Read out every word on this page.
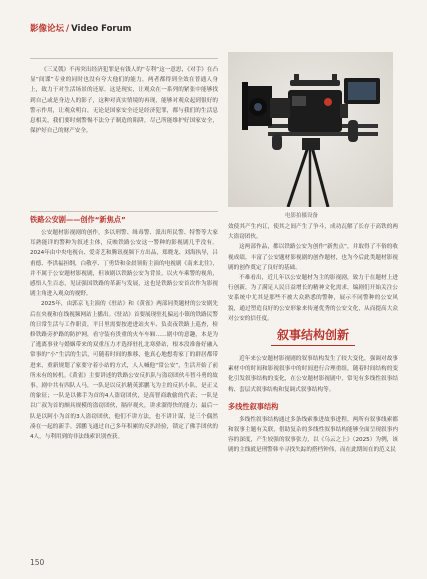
影像论坛 / Video Forum

《三叉戟》不再突出经济犯罪是有钱人的“专利”这一意思，《对手》在凸显“间谍”专业的同时也没有夸大他们的能力，两者都得到全效在普通人身上，致力于对生活场景的还原。这是现实，让观众在一系列的紧张中能够找到自己或是身边人的影子，这种对真实情境的再现，能够对观众起到很好的警示作用，让观众明白，无论是国家安全还是经济犯罪，都与我们的生活息息相关，我们要时刻警惕不法分子制造的陷阱，尽己所能维护好国家安全，保护好自己的财产安全。

电影拍摄设备
铁路公安剧——创作“新焦点”

公安题材影视剧的创作，多以刑警、缉毒警、派出所民警、特警等大家耳熟能详的警种为叙述主体，反映铁路公安这一警种的影视剧几乎没有。2024年由中央电视台、爱奇艺和腾讯视频下方出品，郑晓龙、刘海执导，吕甫德、李洪福担纲，白敬亭、丁勇岱和金晨领衔主演的电视剧《南来北往》，并不属于公安题材影视剧，但该剧以铁路公安为背景，以火车乘警的视角，感悟人生百态，见证强国铁路的革新与发展，这也是铁路公安首次作为影视剧主角进入观众的视野。

2025年，由郭京飞主演的《驻站》和《黄雀》两部同类题材的公安剧先后在央视和在线视频网站上播出。《驻站》首要展现驻扎偏远小镇的铁路民警的日常生活与工作职责，平日里需要按进进站火车、负责夜铁路上巡查，检修铁路旁护路的防护网，看守装有贵重的火车车厢……剧中的意趣，本是为了逃离事业与婚姻带来的双重压力才选择驻扎北寒驿站，根本没准备好融入常事的“小”生活的生活，可随着时间的推移，他真心地想将家丁的群居都带进来，重新规划了家要守着小站的方式，人人喊他“常公安”，生活开始了前所未有的转机。《黄雀》主要讲述的铁路公安反扒队与盗窃团伙斗智斗勇的故事。剧中共有四队人马，一队是以反扒精英郭鹏飞为主的反扒小队，是正义的象征；一队是以佛手为首的4人盗窃团伙，是高智商敢偷的代表；一队是以广叔为首的颇具规模的盗窃团伙，隔岸观火，讲求溜得快的能力；最后一队是以阿小为首的3人盗窃团伙，他们不讲方法，也不讲计谋，是三个偶然凑在一起的新手。郭鹏飞通过自己多年积累的反扒经验，锁定了佛手团伙的4人，与利用到的非法线索识别查获。

效使其产生内讧，使其之间产生了争斗，成功瓦解了长存于高铁的两大盗窃团伙。

这两部作品，都以铁路公安为创作“新焦点”，并取得了不俗的收视成绩，丰富了公安题材影视剧的创作题材，也为今后此类题材影视剧的创作奠定了良好的基础。

不难看出，近几年以公安题材为主的影视剧，致力于在题材上进行创新，为了满足人民日益增长的精神文化需求，编剧们开始关注公安系统中尤其是那些不被大众熟悉的警种，展示不同警种的公安风貌，通过塑造良好的公安形象来传递优秀的公安文化，从而提高大众对公安的信任度。

叙事结构创新

近年来公安题材影视剧的叙事结构发生了较大变化，强调对故事素材中的时间和影视叙事中的时间进行合理重组，随着时间结构的变化引发叙事结构的变化，在公安题材影视剧中，常见有多线性叙事结构、套层式叙事结构和复调式叙事结构等。

多线性叙事结构

多线性叙事结构通过多条线索推进故事进程，两所有叙事线索都和叙事主题有关联，借助复杂的多线性叙事结构能够全面呈现叙事内容的深度，产生较强的叙事张力，以《乌云之上》（2025）为例，该剧的主线就是刑警韩辛寻找失踪的搭档钟伟，而在此期间在的范义民

150
